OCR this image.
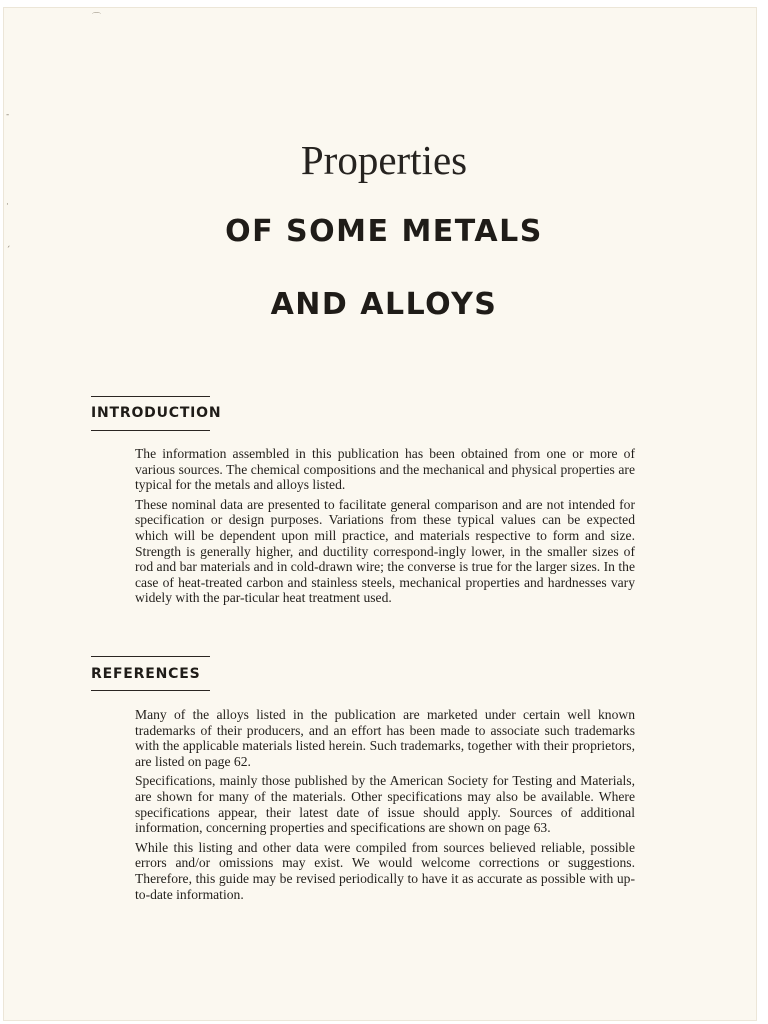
⌒
-
·
ˊ
Properties
OF SOME METALS
AND ALLOYS
INTRODUCTION

The information assembled in this publication has been obtained from one or more of various sources. The chemical compositions and the mechanical and physical properties are typical for the metals and alloys listed.

These nominal data are presented to facilitate general comparison and are not intended for specification or design purposes. Variations from these typical values can be expected which will be dependent upon mill practice, and materials respective to form and size. Strength is generally higher, and ductility correspond-ingly lower, in the smaller sizes of rod and bar materials and in cold-drawn wire; the converse is true for the larger sizes. In the case of heat-treated carbon and stainless steels, mechanical properties and hardnesses vary widely with the par-ticular heat treatment used.

REFERENCES

Many of the alloys listed in the publication are marketed under certain well known trademarks of their producers, and an effort has been made to associate such trademarks with the applicable materials listed herein. Such trademarks, together with their proprietors, are listed on page 62.

Specifications, mainly those published by the American Society for Testing and Materials, are shown for many of the materials. Other specifications may also be available. Where specifications appear, their latest date of issue should apply. Sources of additional information, concerning properties and specifications are shown on page 63.

While this listing and other data were compiled from sources believed reliable, possible errors and/or omissions may exist. We would welcome corrections or suggestions. Therefore, this guide may be revised periodically to have it as accurate as possible with up-to-date information.
